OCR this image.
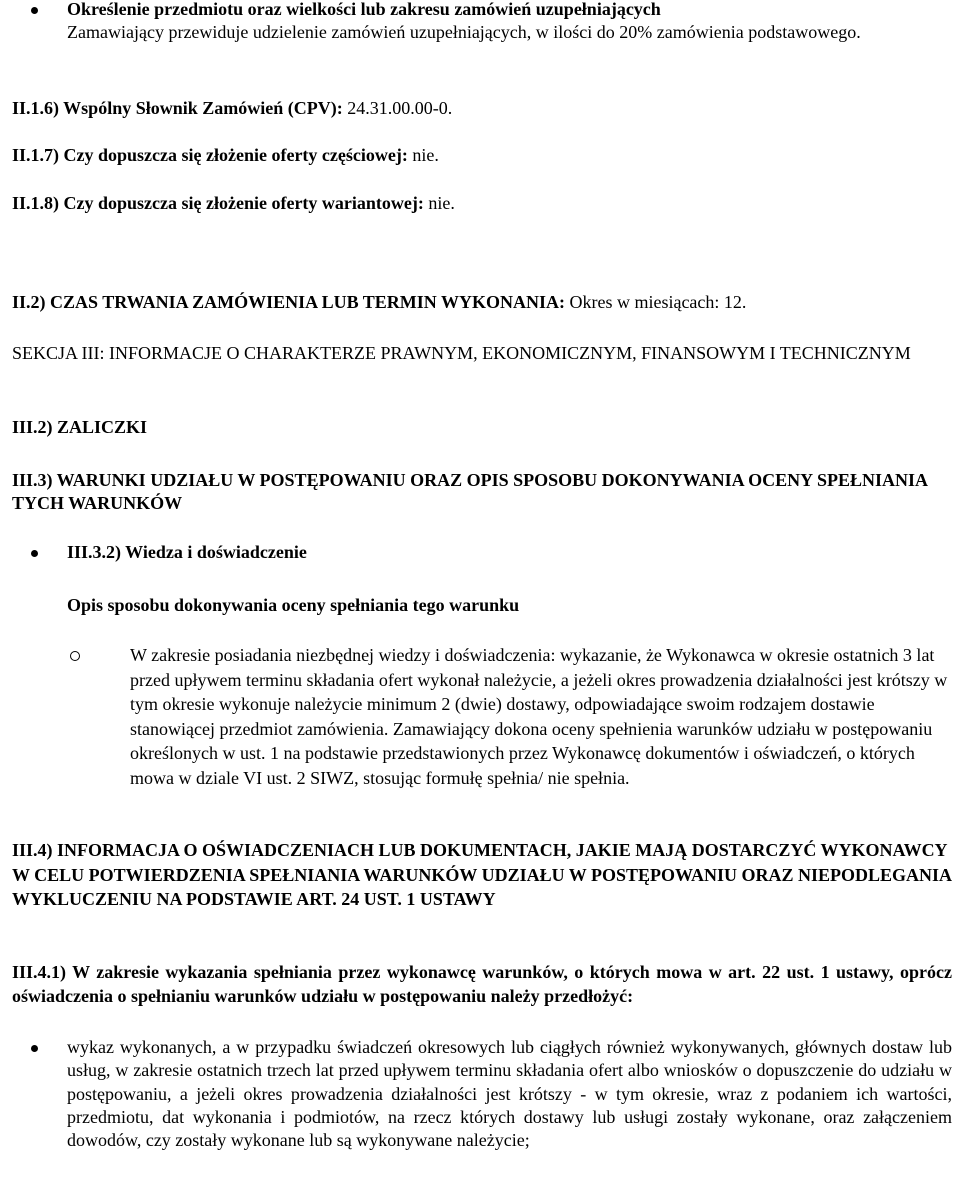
Określenie przedmiotu oraz wielkości lub zakresu zamówień uzupełniających
Zamawiający przewiduje udzielenie zamówień uzupełniających, w ilości do 20% zamówienia podstawowego.

II.1.6) Wspólny Słownik Zamówień (CPV): 24.31.00.00-0.

II.1.7) Czy dopuszcza się złożenie oferty częściowej: nie.

II.1.8) Czy dopuszcza się złożenie oferty wariantowej: nie.

II.2) CZAS TRWANIA ZAMÓWIENIA LUB TERMIN WYKONANIA: Okres w miesiącach: 12.

SEKCJA III: INFORMACJE O CHARAKTERZE PRAWNYM, EKONOMICZNYM, FINANSOWYM I TECHNICZNYM

III.2) ZALICZKI

III.3) WARUNKI UDZIAŁU W POSTĘPOWANIU ORAZ OPIS SPOSOBU DOKONYWANIA OCENY SPEŁNIANIA TYCH WARUNKÓW

III.3.2) Wiedza i doświadczenie

Opis sposobu dokonywania oceny spełniania tego warunku

W zakresie posiadania niezbędnej wiedzy i doświadczenia: wykazanie, że Wykonawca w okresie ostatnich 3 lat przed upływem terminu składania ofert wykonał należycie, a jeżeli okres prowadzenia działalności jest krótszy w tym okresie wykonuje należycie minimum 2 (dwie) dostawy, odpowiadające swoim rodzajem dostawie stanowiącej przedmiot zamówienia. Zamawiający dokona oceny spełnienia warunków udziału w postępowaniu określonych w ust. 1 na podstawie przedstawionych przez Wykonawcę dokumentów i oświadczeń, o których mowa w dziale VI ust. 2 SIWZ, stosując formułę spełnia/ nie spełnia.

III.4) INFORMACJA O OŚWIADCZENIACH LUB DOKUMENTACH, JAKIE MAJĄ DOSTARCZYĆ WYKONAWCY W CELU POTWIERDZENIA SPEŁNIANIA WARUNKÓW UDZIAŁU W POSTĘPOWANIU ORAZ NIEPODLEGANIA WYKLUCZENIU NA PODSTAWIE ART. 24 UST. 1 USTAWY

III.4.1) W zakresie wykazania spełniania przez wykonawcę warunków, o których mowa w art. 22 ust. 1 ustawy, oprócz oświadczenia o spełnianiu warunków udziału w postępowaniu należy przedłożyć:

wykaz wykonanych, a w przypadku świadczeń okresowych lub ciągłych również wykonywanych, głównych dostaw lub usług, w zakresie ostatnich trzech lat przed upływem terminu składania ofert albo wniosków o dopuszczenie do udziału w postępowaniu, a jeżeli okres prowadzenia działalności jest krótszy - w tym okresie, wraz z podaniem ich wartości, przedmiotu, dat wykonania i podmiotów, na rzecz których dostawy lub usługi zostały wykonane, oraz załączeniem dowodów, czy zostały wykonane lub są wykonywane należycie;
